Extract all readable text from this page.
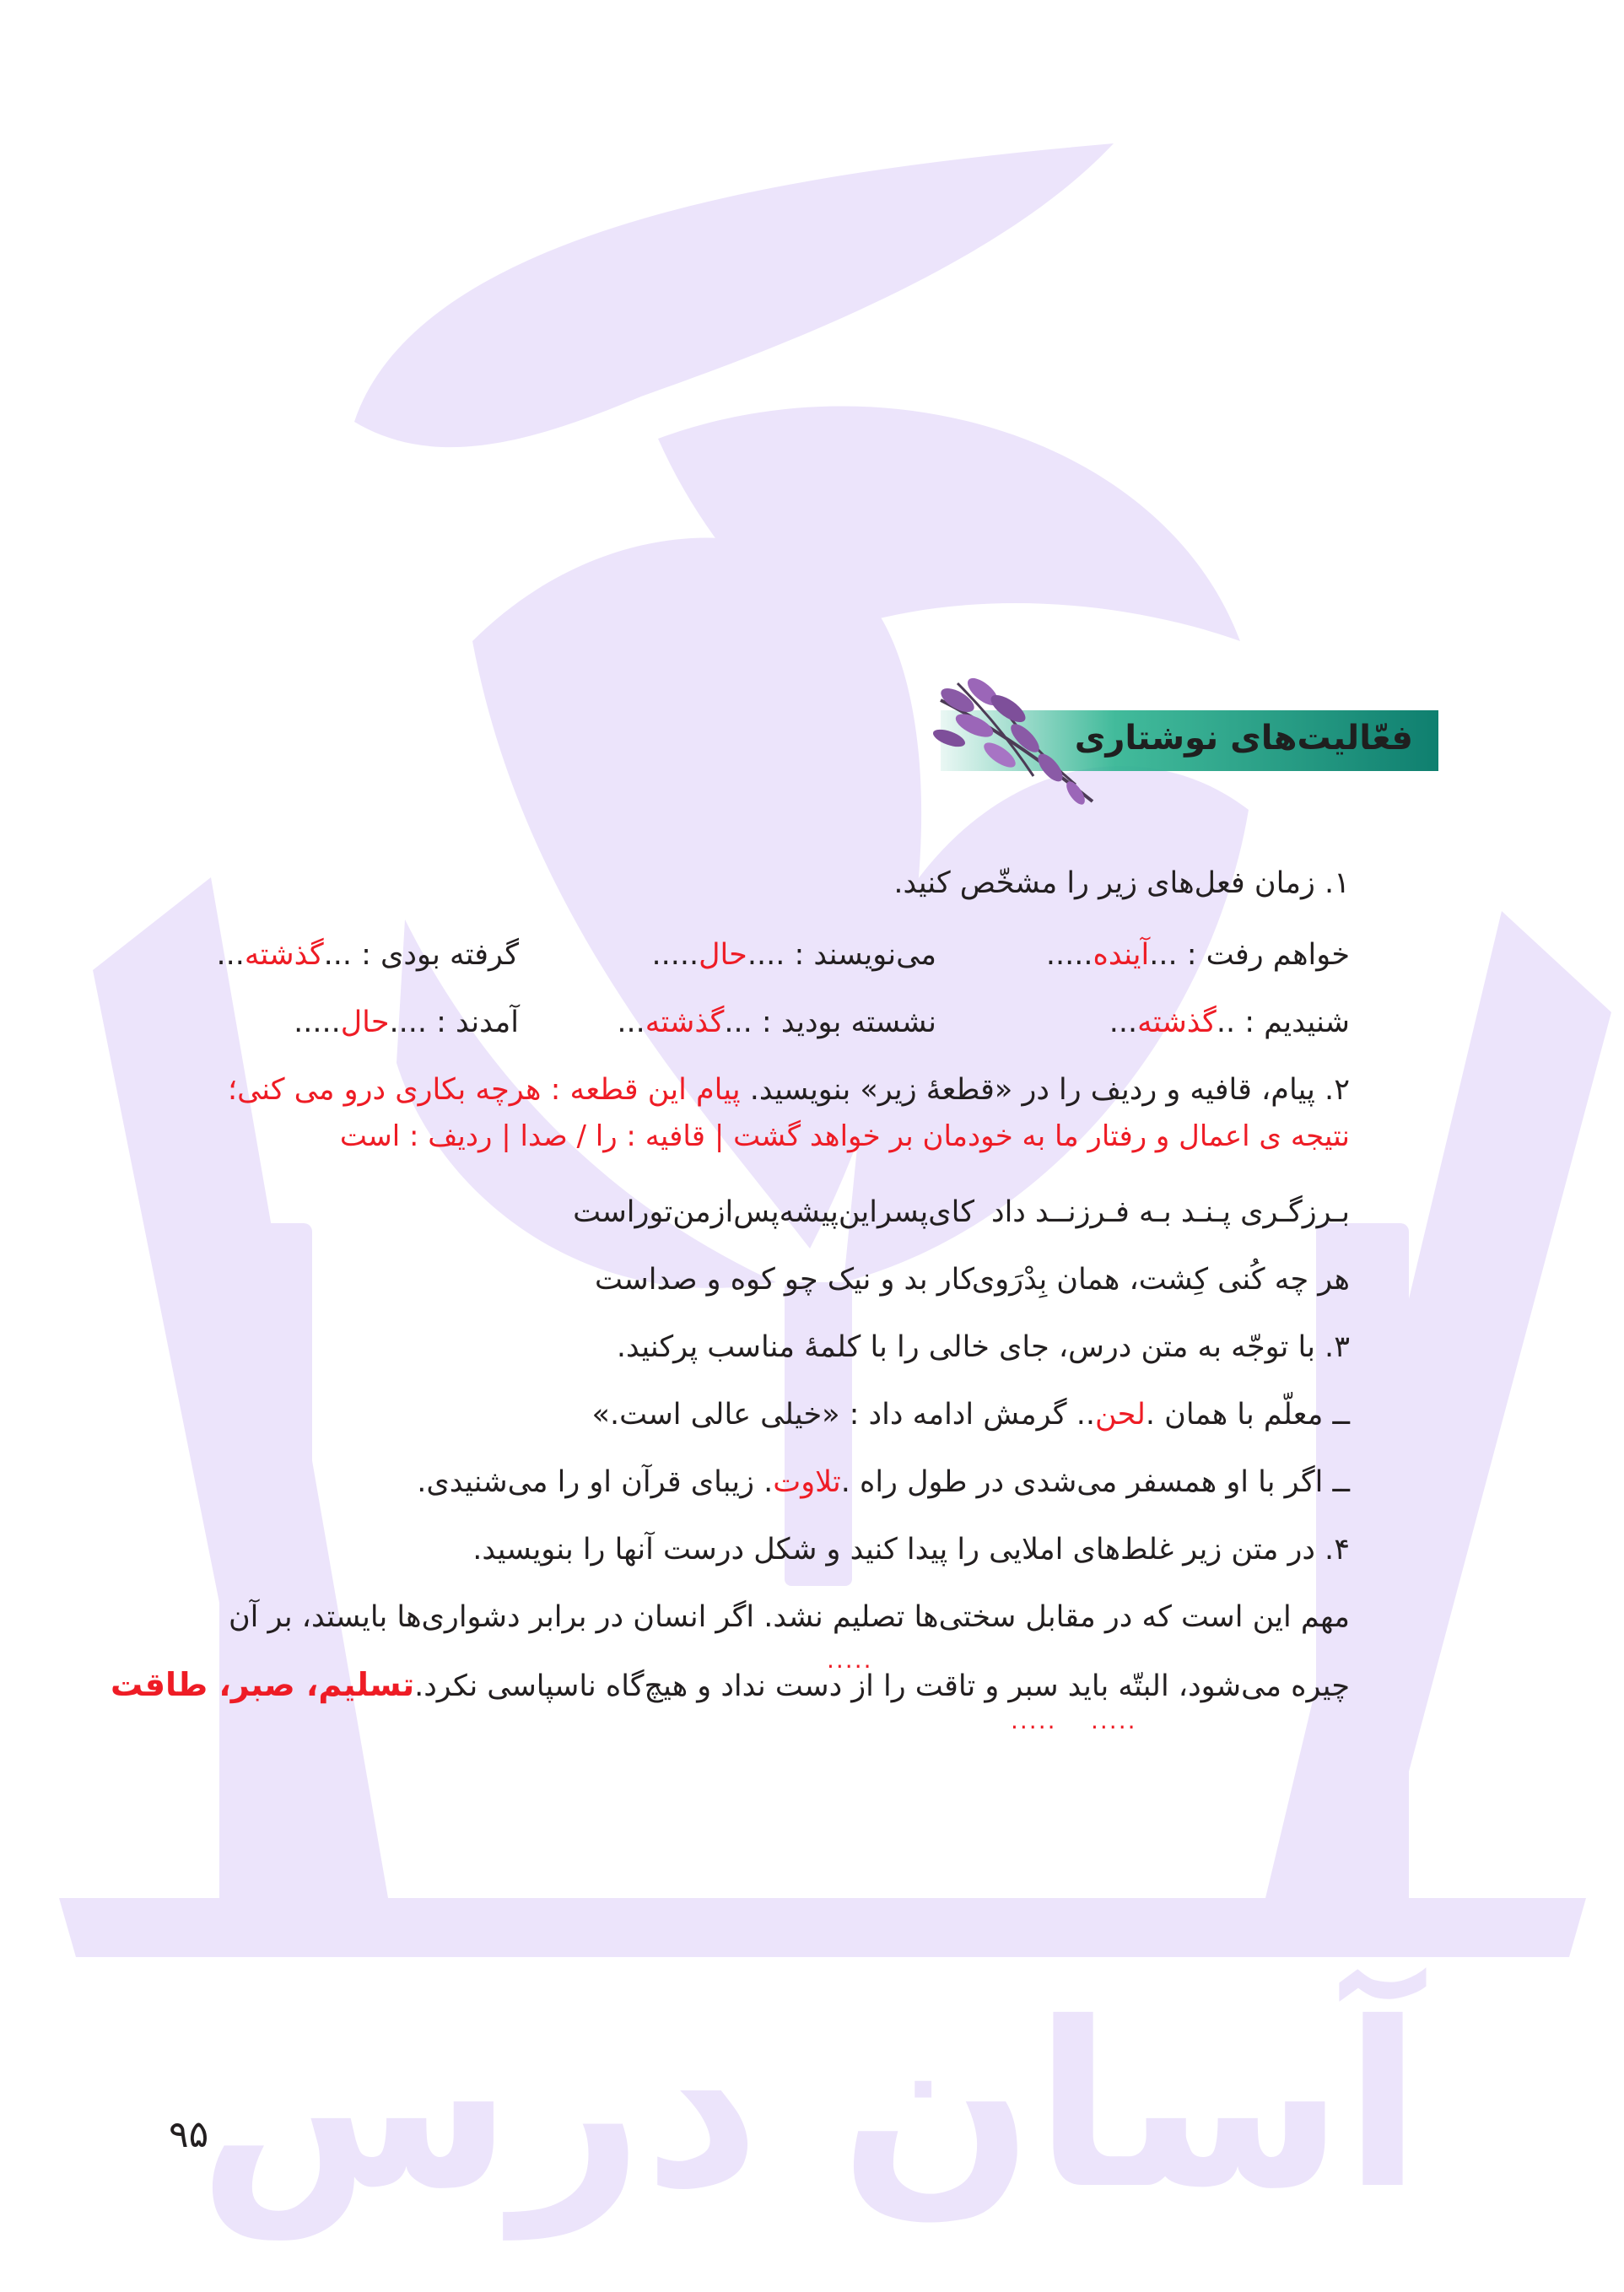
آسان درس
فعّالیت‌های نوشتاری
۱. زمان فعل‌های زیر را مشخّص کنید.
خواهم رفت : ...آینده.....
می‌نویسند : ....حال.....
گرفته بودی : ...گذشته...
شنیدیم : ..گذشته...
نشسته بودید : ...گذشته...
آمدند : ....حال.....
۲. پیام، قافیه و ردیف را در «قطعهٔ زیر» بنویسید. پیام این قطعه : هرچه بکاری درو می کنی؛
نتیجه ی اعمال و رفتار ما به خودمان بر خواهد گشت | قافیه : را / صدا | ردیف : است
بـرزگـری پـنـد بـه فـرزنــد داد
کای‌پسر‌این‌پیشه‌پس‌از‌من‌توراست
هر چه کُنی کِشت، همان بِدْرَوی
کار بد و نیک چو کوه و صداست
۳. با توجّه به متن درس، جای خالی را با کلمهٔ مناسب پرکنید.
ــ معلّم با همان .لحن.. گرمش ادامه داد : «خیلی عالی است.»
ــ اگر با او همسفر می‌شدی در طول راه .تلاوت. زیبای قرآن او را می‌شنیدی.
۴. در متن زیر غلط‌های املایی را پیدا کنید و شکل درست آنها را بنویسید.
مهم این است که در مقابل سختی‌ها تصلیم نشد. اگر انسان در برابر دشواری‌ها بایستد، بر آن
.....
چیره می‌شود، البتّه باید سبر و تاقت را از دست نداد و هیچ‌گاه ناسپاسی نکرد.تسلیم، صبر، طاقت
..... .....
۹۵
